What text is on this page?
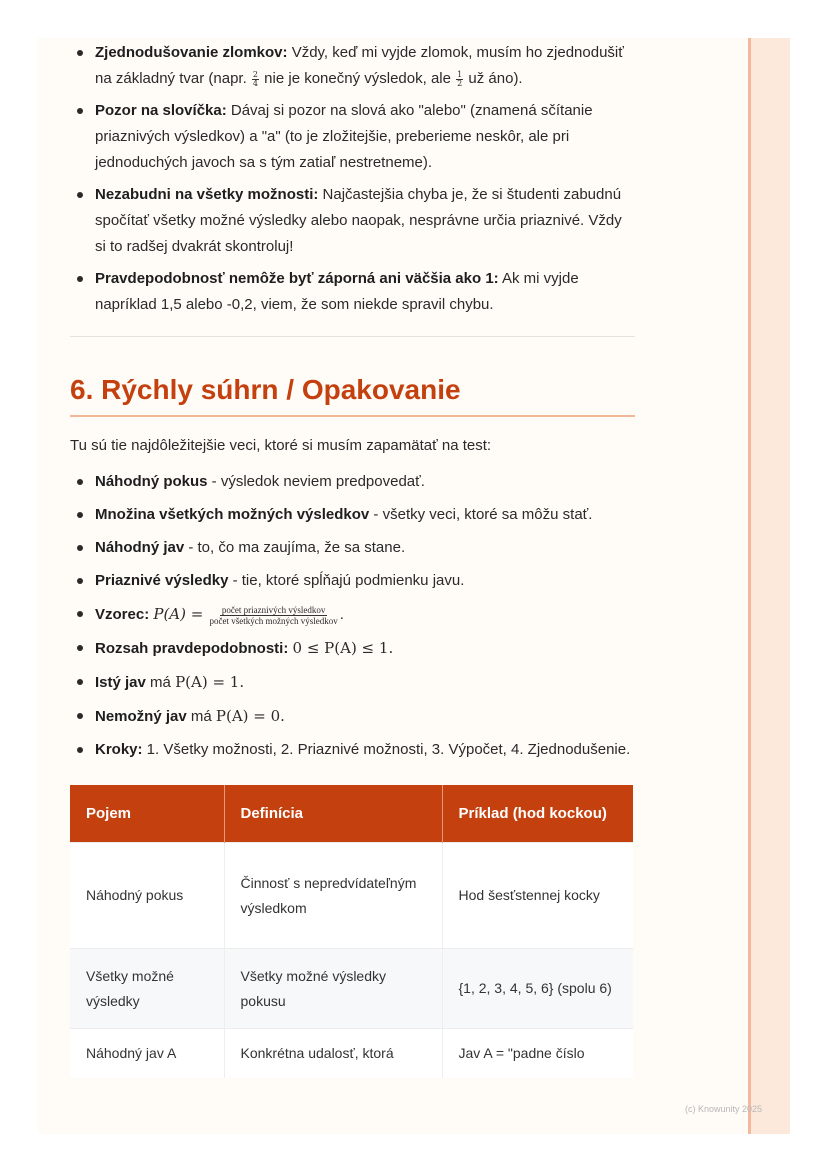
Zjednodušovanie zlomkov: Vždy, keď mi vyjde zlomok, musím ho zjednodušiť na základný tvar (napr. $\frac{2}{4}$ nie je konečný výsledok, ale $\frac{1}{2}$ už áno).
Pozor na slovíčka: Dávaj si pozor na slová ako "alebo" (znamená sčítanie priaznivých výsledkov) a "a" (to je zložitejšie, preberieme neskôr, ale pri jednoduchých javoch sa s tým zatiaľ nestretneme).
Nezabudni na všetky možnosti: Najčastejšia chyba je, že si študenti zabudnú spočítať všetky možné výsledky alebo naopak, nesprávne určia priaznivé. Vždy si to radšej dvakrát skontroluj!
Pravdepodobnosť nemôže byť záporná ani väčšia ako 1: Ak mi vyjde napríklad 1,5 alebo -0,2, viem, že som niekde spravil chybu.
6. Rýchly súhrn / Opakovanie

Tu sú tie najdôležitejšie veci, ktoré si musím zapamätať na test:

Náhodný pokus - výsledok neviem predpovedať.
Množina všetkých možných výsledkov - všetky veci, ktoré sa môžu stať.
Náhodný jav - to, čo ma zaujíma, že sa stane.
Priaznivé výsledky - tie, ktoré spĺňajú podmienku javu.
Vzorec: $P(A) = \frac{\text{počet priaznivých výsledkov}}{\text{počet všetkých možných výsledkov}}$ .
Rozsah pravdepodobnosti: 0 ≤ P(A) ≤ 1.
Istý jav má P(A) = 1.
Nemožný jav má P(A) = 0.
Kroky: 1. Všetky možnosti, 2. Priaznivé možnosti, 3. Výpočet, 4. Zjednodušenie.
Pojem	Definícia	Príklad (hod kockou)
Náhodný pokus	Činnosť s nepredvídateľným výsledkom	Hod šesťstennej kocky
Všetky možné výsledky	Všetky možné výsledky pokusu	{1, 2, 3, 4, 5, 6} (spolu 6)
Náhodný jav A	Konkrétna udalosť, ktorá	Jav A = "padne číslo
(c) Knowunity 2025
